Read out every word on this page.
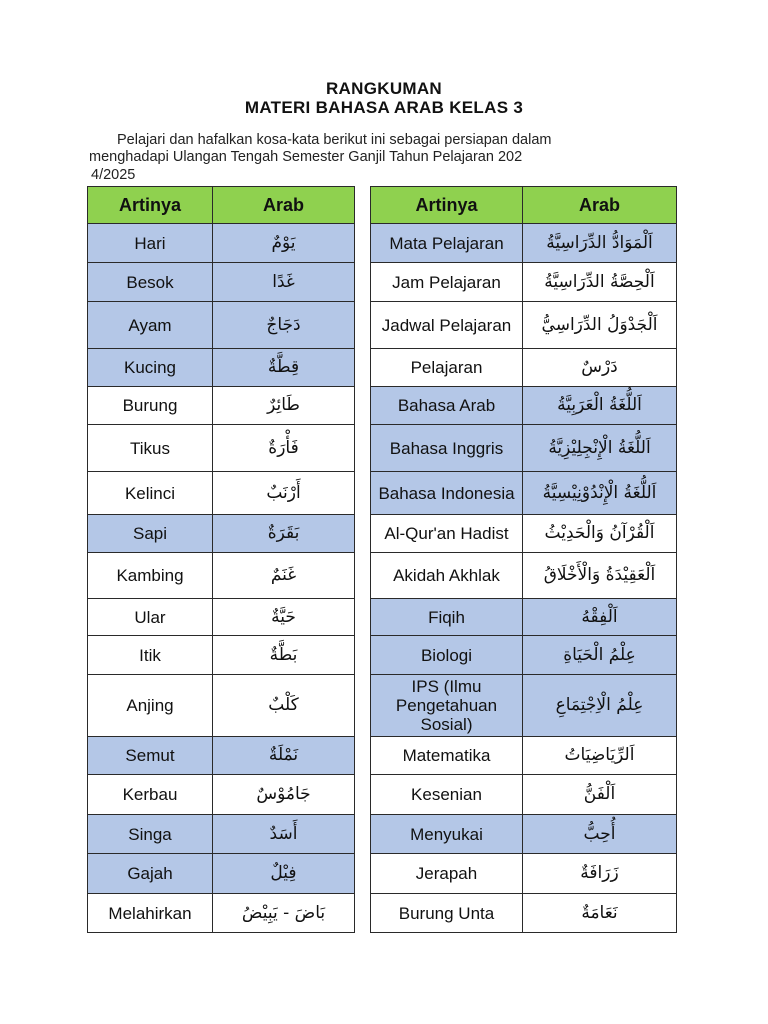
RANGKUMAN
MATERI BAHASA ARAB KELAS 3
Pelajari dan hafalkan kosa-kata berikut ini sebagai persiapan dalam
menghadapi Ulangan Tengah Semester Ganjil Tahun Pelajaran 202
4/2025
Artinya	Arab
Hari	يَوْمٌ
Besok	غَدًا
Ayam	دَجَاجٌ
Kucing	قِطَّةٌ
Burung	طَائِرٌ
Tikus	فَأْرَةٌ
Kelinci	أَرْنَبٌ
Sapi	بَقَرَةٌ
Kambing	غَنَمٌ
Ular	حَيَّةٌ
Itik	بَطَّةٌ
Anjing	كَلْبٌ
Semut	نَمْلَةٌ
Kerbau	جَامُوْسٌ
Singa	أَسَدٌ
Gajah	فِيْلٌ
Melahirkan	بَاضَ - يَبِيْضُ
Artinya	Arab
Mata Pelajaran	اَلْمَوَادُّ الدِّرَاسِيَّةُ
Jam Pelajaran	اَلْحِصَّةُ الدِّرَاسِيَّةُ
Jadwal Pelajaran	اَلْجَدْوَلُ الدِّرَاسِيُّ
Pelajaran	دَرْسٌ
Bahasa Arab	اَللُّغَةُ الْعَرَبِيَّةُ
Bahasa Inggris	اَللُّغَةُ الْإِنْجِلِيْزِيَّةُ
Bahasa Indonesia	اَللُّغَةُ الْإِنْدُوْنِيْسِيَّةُ
Al-Qur'an Hadist	اَلْقُرْآنُ وَالْحَدِيْثُ
Akidah Akhlak	اَلْعَقِيْدَةُ وَالْأَخْلَاقُ
Fiqih	اَلْفِقْهُ
Biologi	عِلْمُ الْحَيَاةِ
IPS (Ilmu Pengetahuan Sosial)	عِلْمُ الْاِجْتِمَاعِ
Matematika	اَلرِّيَاضِيَاتُ
Kesenian	اَلْفَنُّ
Menyukai	أُحِبُّ
Jerapah	زَرَافَةٌ
Burung Unta	نَعَامَةٌ
